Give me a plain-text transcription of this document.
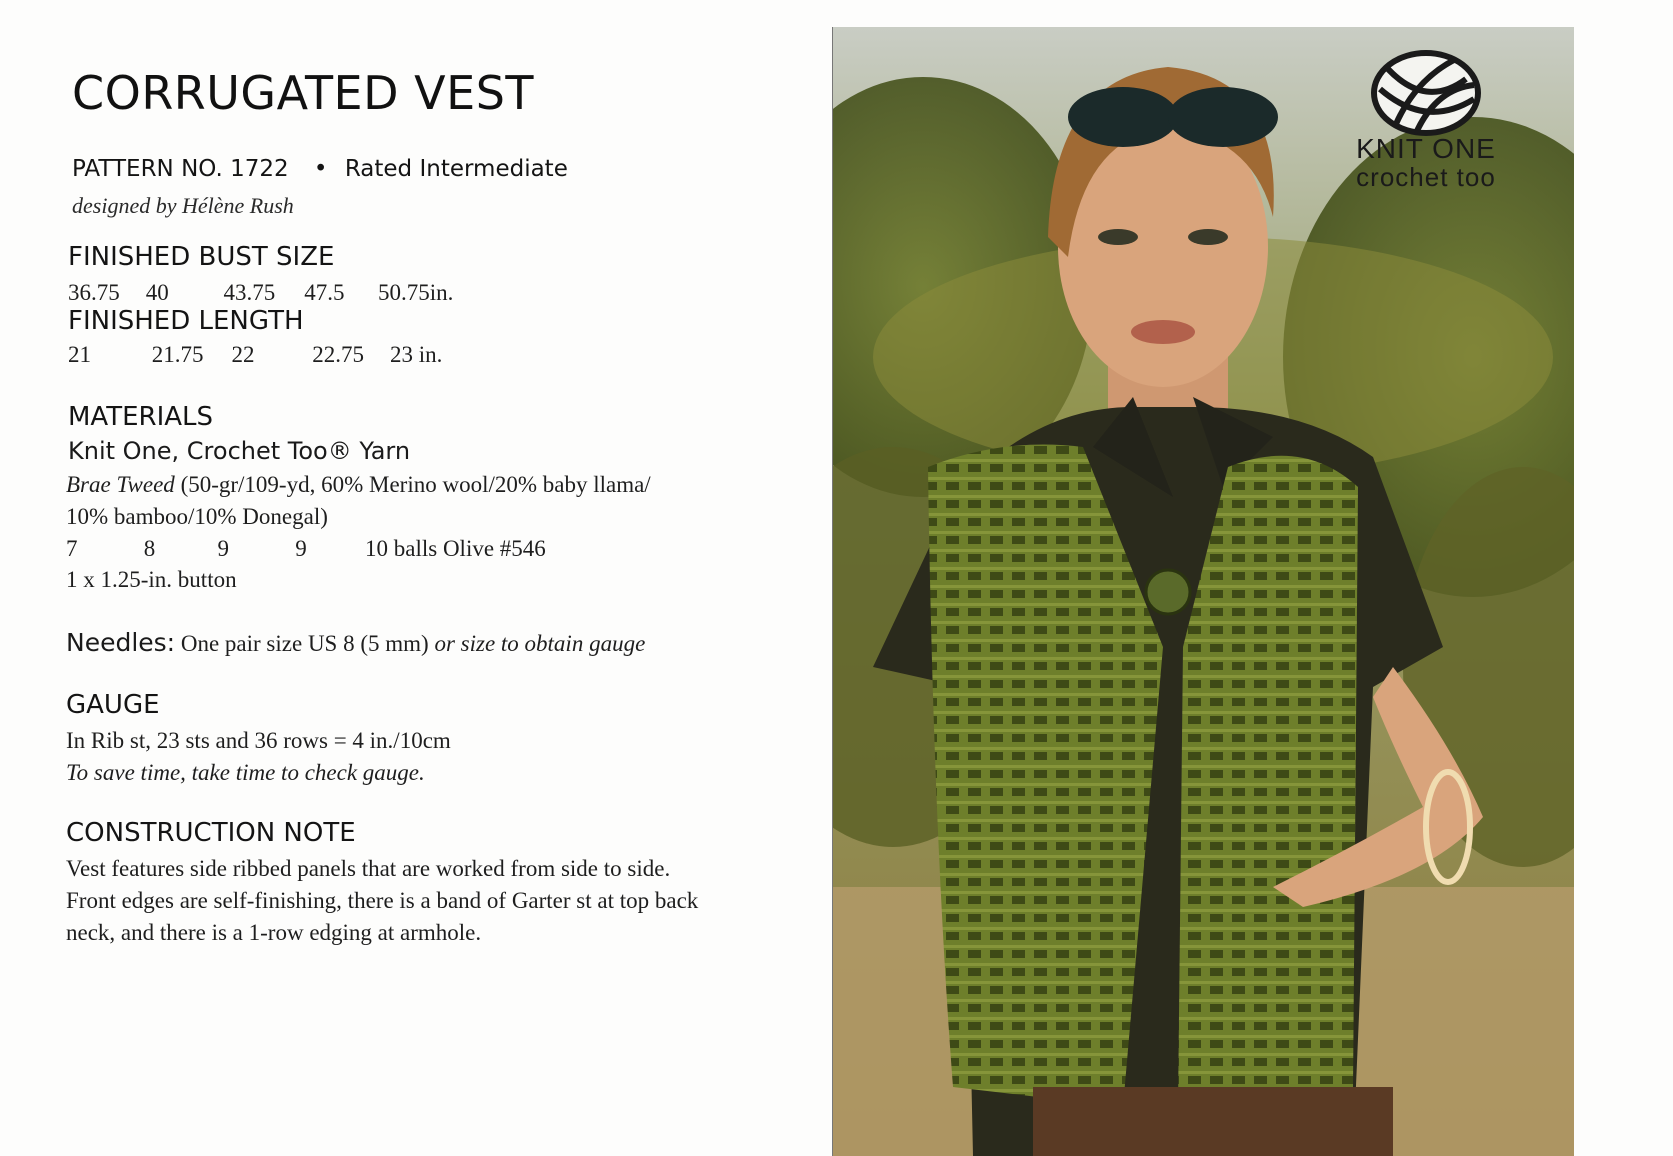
CORRUGATED VEST
PATTERN NO. 1722 • Rated Intermediate
designed by Hélène Rush
FINISHED BUST SIZE
36.75 40 43.75 47.5 50.75in.
FINISHED LENGTH
21	21.75 22	22.75 23 in.
MATERIALS
Knit One, Crochet Too® Yarn
Brae Tweed (50-gr/109-yd, 60% Merino wool/20% baby llama/
10% bamboo/10% Donegal)
7	8	9	9	10 balls Olive #546
1 x 1.25-in. button
Needles: One pair size US 8 (5 mm) or size to obtain gauge
GAUGE
In Rib st, 23 sts and 36 rows = 4 in./10cm
To save time, take time to check gauge.
CONSTRUCTION NOTE
Vest features side ribbed panels that are worked from side to side.
Front edges are self-finishing, there is a band of Garter st at top back
neck, and there is a 1-row edging at armhole.
KNIT ONE
crochet too
